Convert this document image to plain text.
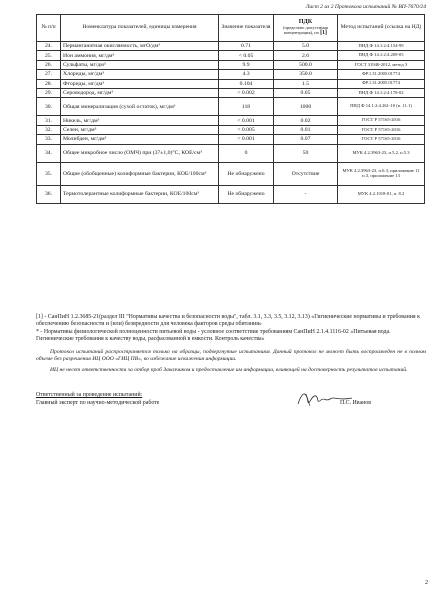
Лист 2 из 2 Протокола испытаний № ВП-7670/24
№ п/п	Номенклатура показателей, единицы измерения	Значение показателя	ПДК
(предельно допустимая концентрация), по [1]	Метод испытаний (ссылка на НД)
24.	Перманганатная окисляемость, мгО/дм³	0.71	5.0	ПНД Ф 14.1:2:4.154-99
25.	Ион аммония, мг/дм³	< 0.05	2.6	ПНД Ф 14.1:2:4.209-05
26.	Сульфаты, мг/дм³	9.9	500.0	ГОСТ 31940-2012, метод 3
27.	Хлориды, мг/дм³	4.3	350.0	ФР.1.31.2005.01774
28.	Фториды, мг/дм³	0.104	1.5	ФР.1.31.2005.01774
29.	Сероводород, мг/дм³	< 0.002	0.05	ПНД Ф 14.1:2:4.178-02
30.	Общая минерализация (сухой остаток), мг/дм³	118	1000	ПНД Ф 14.1:2:4.261-10 (п. 11.1)
31.	Никель, мг/дм³	< 0.001	0.02	ГОСТ Р 57165-2016
32.	Селен, мг/дм³	< 0.005	0.01	ГОСТ Р 57165-2016
33.	Молибден, мг/дм³	< 0.001	0.07	ГОСТ Р 57165-2016
34.	Общее микробное число (ОМЧ) при (37±1,0)°С, КОЕ/см³	0	50	МУК 4.2.3963-23, п.5.2, п.5.3
35.	Общие (обобщенные) колиформные бактерии, КОЕ/100см³	Не обнаружено	Отсутствие	МУК 4.2.3963-23, п.6.3, приложение 11 п.3, приложение 13
36.	Термотолерантные колиформные бактерии, КОЕ/100см³	Не обнаружено	-	МУК 4.2.1018-01, п. 8.2

[1] - СанПиН 1.2.3685-21(раздел III "Нормативы качества и безопасности воды", табл. 3.1, 3.3, 3.5, 3.12, 3.13) «Гигиенические нормативы и требования к обеспечению безопасности и (или) безвредности для человека факторов среды обитания»

* - Нормативы физиологической полноценности питьевой воды - условное соответствие требованиям СанПиН 2.1.4.1116-02 «Питьевая вода. Гигиенические требования к качеству воды, расфасованной в емкости. Контроль качества»

Протокол испытаний распространяется только на образцы, подвергнутые испытаниям. Данный протокол не может быть воспроизведен не в полном объеме без разрешения ИЦ ООО «ГИЦ ПВ», во избежание искажения информации.

ИЦ не несет ответственности за отбор проб Заказчиком и предоставление им информации, влияющей на достоверность результатов испытаний.

Ответственный за проведение испытаний:
Главный эксперт по научно-методической работе	П.С. Иванов
2
